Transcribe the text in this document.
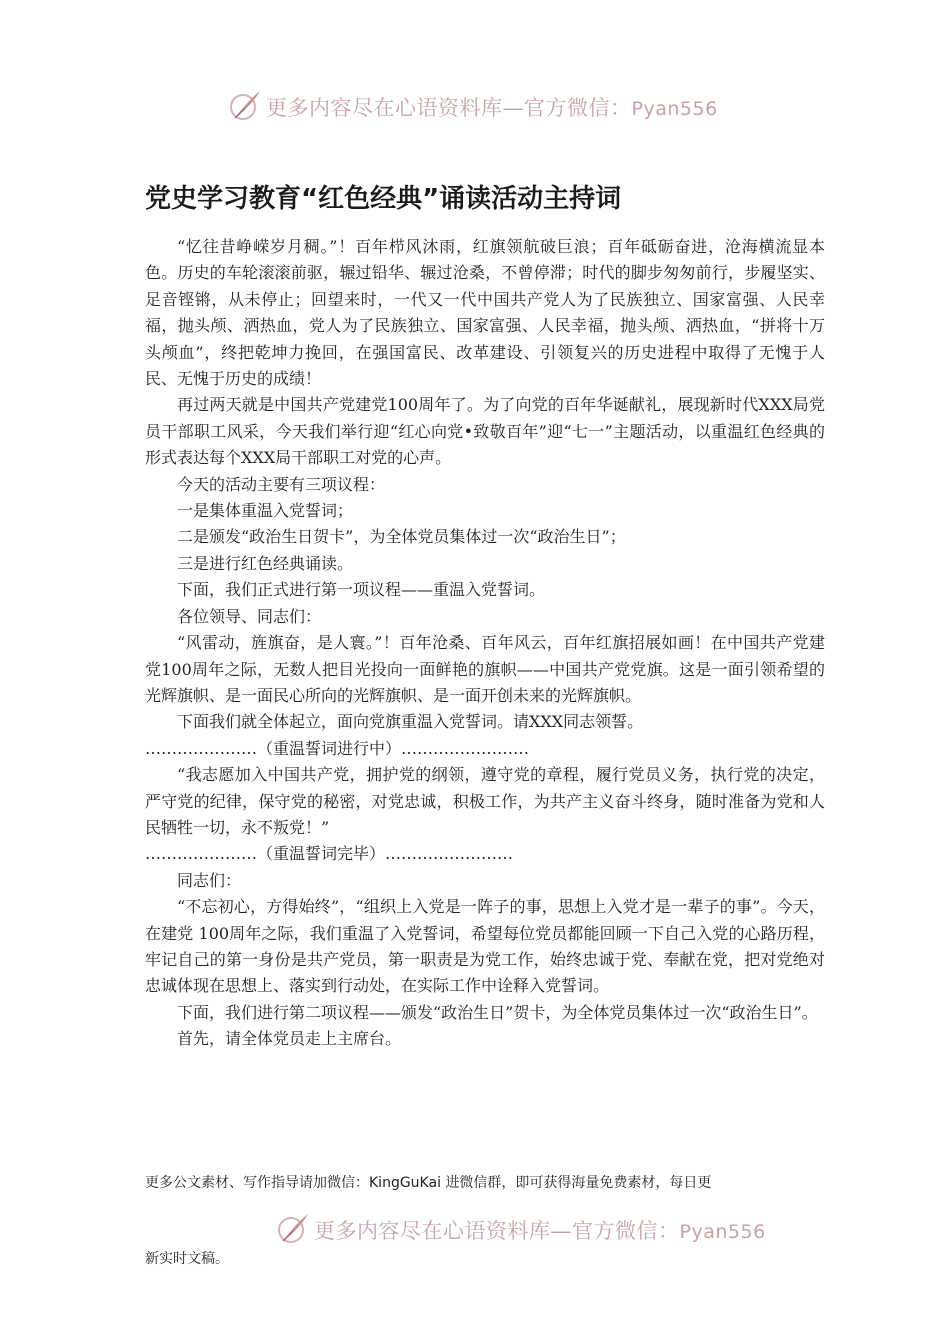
更多内容尽在心语资料库—官方微信：Pyan556
党史学习教育“红色经典”诵读活动主持词

“忆往昔峥嵘岁月稠。”！百年栉风沐雨，红旗领航破巨浪；百年砥砺奋进，沧海横流显本色。历史的车轮滚滚前驱，辗过铅华、辗过沧桑，不曾停滞；时代的脚步匆匆前行，步履坚实、足音铿锵，从未停止；回望来时，一代又一代中国共产党人为了民族独立、国家富强、人民幸福，抛头颅、洒热血，党人为了民族独立、国家富强、人民幸福，抛头颅、洒热血，“拼将十万头颅血”，终把乾坤力挽回，在强国富民、改革建设、引领复兴的历史进程中取得了无愧于人民、无愧于历史的成绩！

再过两天就是中国共产党建党100周年了。为了向党的百年华诞献礼，展现新时代XXX局党员干部职工风采，今天我们举行迎“红心向党•致敬百年”迎“七一”主题活动，以重温红色经典的形式表达每个XXX局干部职工对党的心声。

今天的活动主要有三项议程：

一是集体重温入党誓词；

二是颁发“政治生日贺卡”，为全体党员集体过一次“政治生日”；

三是进行红色经典诵读。

下面，我们正式进行第一项议程——重温入党誓词。

各位领导、同志们：

“风雷动，旌旗奋，是人寰。”！百年沧桑、百年风云，百年红旗招展如画！在中国共产党建党100周年之际，无数人把目光投向一面鲜艳的旗帜——中国共产党党旗。这是一面引领希望的光辉旗帜、是一面民心所向的光辉旗帜、是一面开创未来的光辉旗帜。

下面我们就全体起立，面向党旗重温入党誓词。请XXX同志领誓。

…………………（重温誓词进行中）……………………

“我志愿加入中国共产党，拥护党的纲领，遵守党的章程，履行党员义务，执行党的决定，严守党的纪律，保守党的秘密，对党忠诚，积极工作，为共产主义奋斗终身，随时准备为党和人民牺牲一切，永不叛党！”

…………………（重温誓词完毕）……………………

同志们：

“不忘初心，方得始终”，“组织上入党是一阵子的事，思想上入党才是一辈子的事”。今天，在建党 100周年之际，我们重温了入党誓词，希望每位党员都能回顾一下自己入党的心路历程，牢记自己的第一身份是共产党员，第一职责是为党工作，始终忠诚于党、奉献在党，把对党绝对忠诚体现在思想上、落实到行动处，在实际工作中诠释入党誓词。

下面，我们进行第二项议程——颁发“政治生日”贺卡，为全体党员集体过一次“政治生日”。

首先，请全体党员走上主席台。

更多公文素材、写作指导请加微信：KingGuKai 进微信群，即可获得海量免费素材，每日更
更多内容尽在心语资料库—官方微信：Pyan556
新实时文稿。
